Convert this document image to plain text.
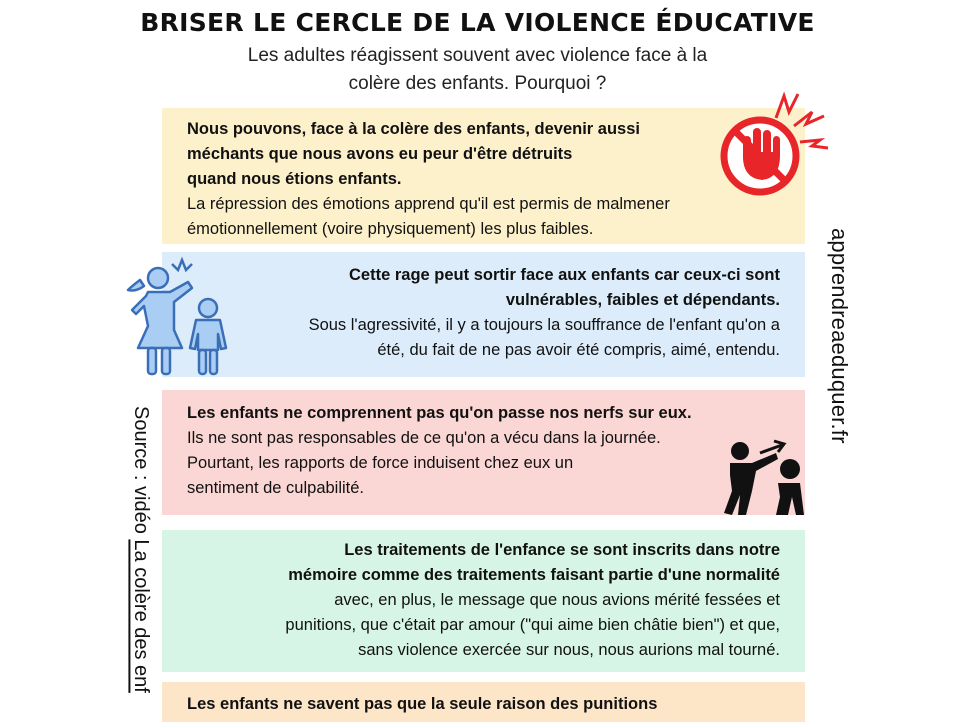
BRISER LE CERCLE DE LA VIOLENCE ÉDUCATIVE
Les adultes réagissent souvent avec violence face à la
colère des enfants. Pourquoi ?
Nous pouvons, face à la colère des enfants, devenir aussi
méchants que nous avons eu peur d'être détruits
quand nous étions enfants.
La répression des émotions apprend qu'il est permis de malmener
émotionnellement (voire physiquement) les plus faibles.
Cette rage peut sortir face aux enfants car ceux-ci sont
vulnérables, faibles et dépendants.
Sous l'agressivité, il y a toujours la souffrance de l'enfant qu'on a
été, du fait de ne pas avoir été compris, aimé, entendu.
Les enfants ne comprennent pas qu'on passe nos nerfs sur eux.
Ils ne sont pas responsables de ce qu'on a vécu dans la journée.
Pourtant, les rapports de force induisent chez eux un
sentiment de culpabilité.
Les traitements de l'enfance se sont inscrits dans notre
mémoire comme des traitements faisant partie d'une normalité
avec, en plus, le message que nous avions mérité fessées et
punitions, que c'était par amour ("qui aime bien châtie bien") et que,
sans violence exercée sur nous, nous aurions mal tourné.
Les enfants ne savent pas que la seule raison des punitions
apprendreaeduquer.fr
Source : vidéo La colère des enf
